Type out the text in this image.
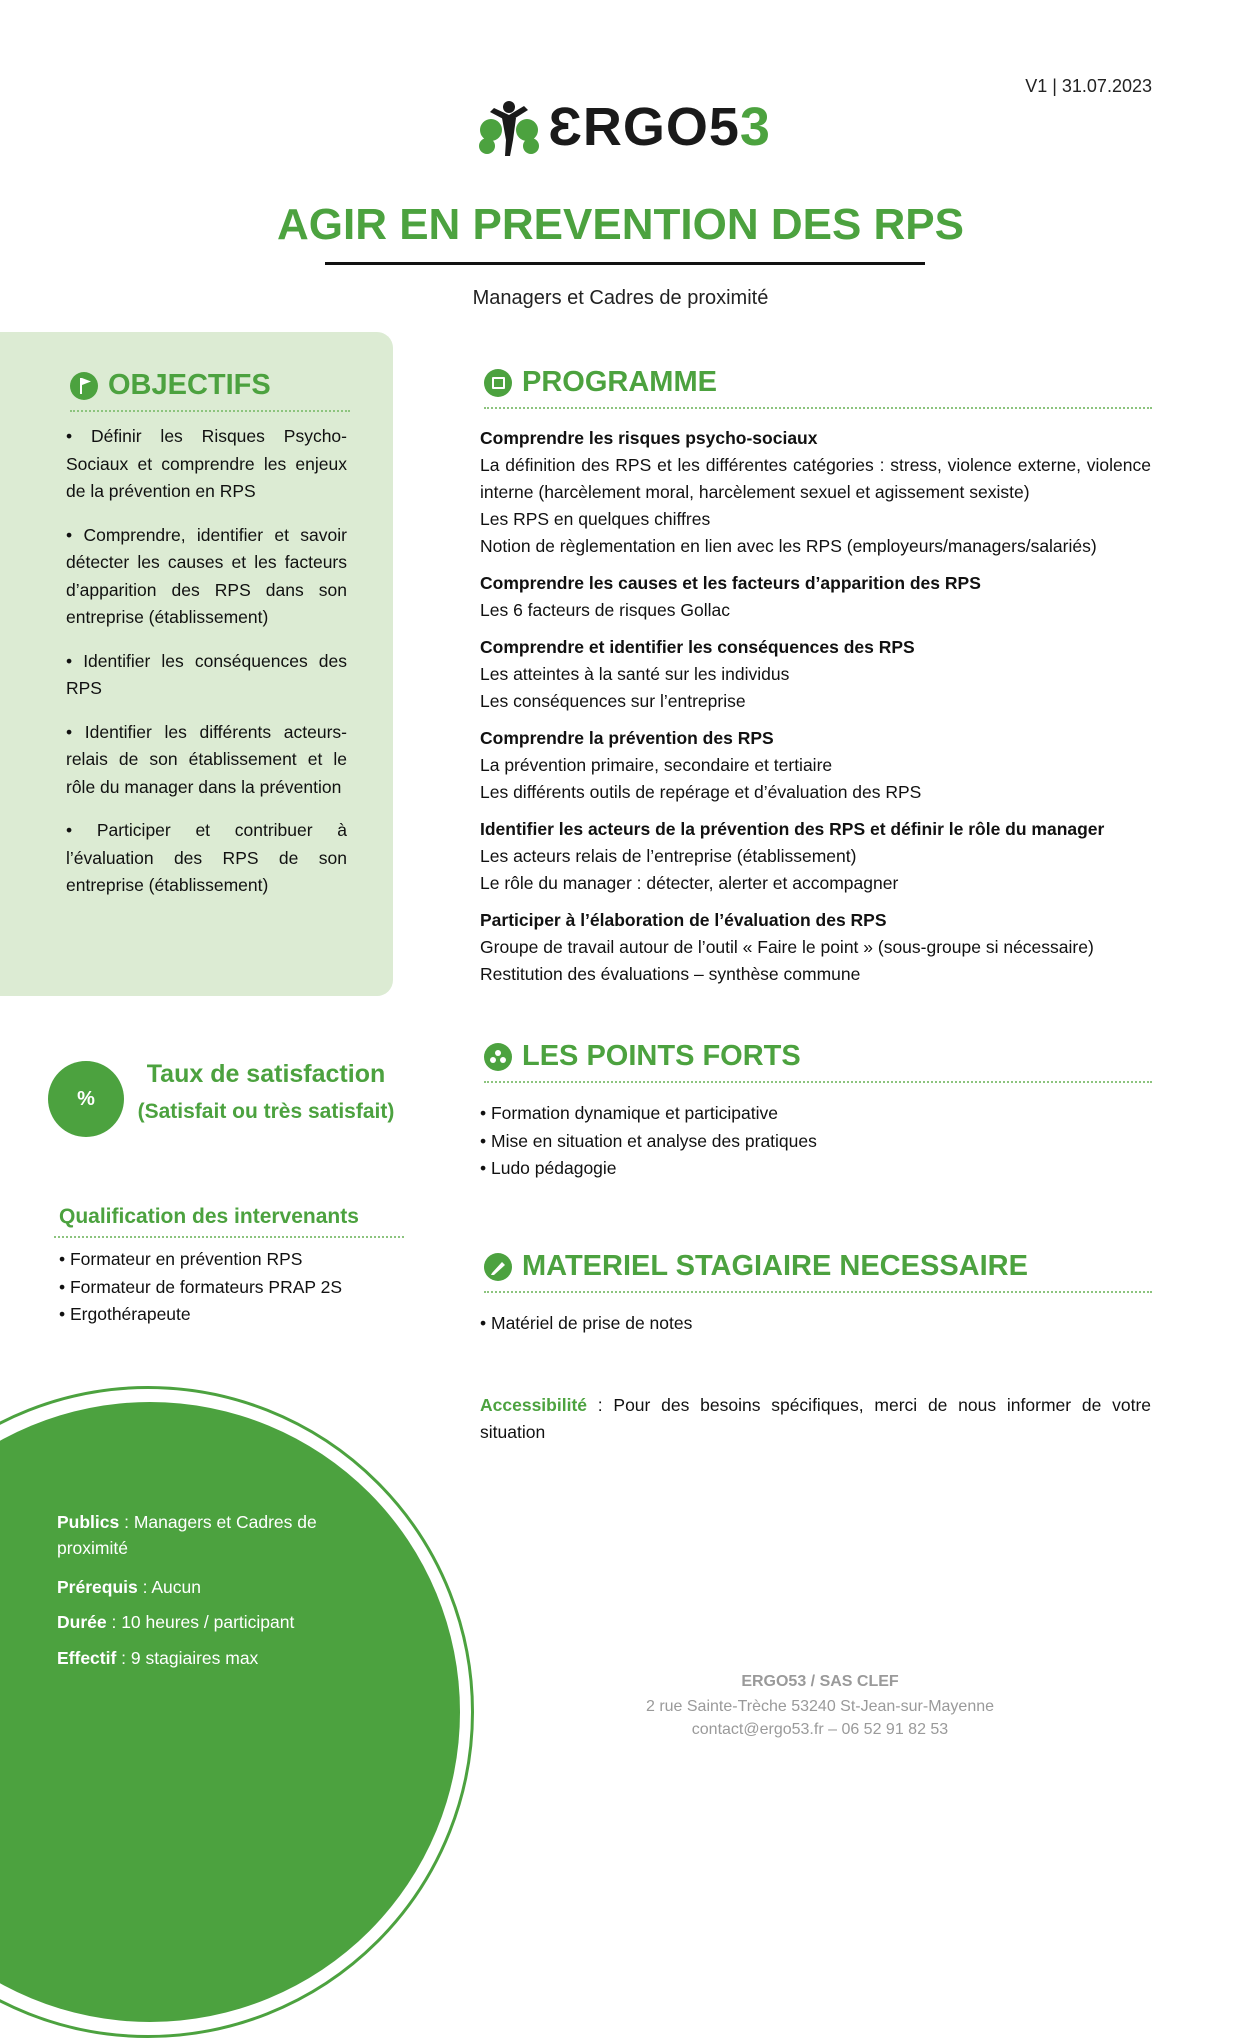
V1 | 31.07.2023
ƐRGO53
AGIR EN PREVENTION DES RPS
Managers et Cadres de proximité
OBJECTIFS

• Définir les Risques Psycho-Sociaux et comprendre les enjeux de la prévention en RPS

• Comprendre, identifier et savoir détecter les causes et les facteurs d’apparition des RPS dans son entreprise (établissement)

• Identifier les conséquences des RPS

• Identifier les différents acteurs-relais de son établissement et le rôle du manager dans la prévention

• Participer et contribuer à l’évaluation des RPS de son entreprise (établissement)

PROGRAMME
Comprendre les risques psycho-sociaux
La définition des RPS et les différentes catégories : stress, violence externe, violence interne (harcèlement moral, harcèlement sexuel et agissement sexiste)
Les RPS en quelques chiffres
Notion de règlementation en lien avec les RPS (employeurs/managers/salariés)
Comprendre les causes et les facteurs d’apparition des RPS
Les 6 facteurs de risques Gollac
Comprendre et identifier les conséquences des RPS
Les atteintes à la santé sur les individus
Les conséquences sur l’entreprise
Comprendre la prévention des RPS
La prévention primaire, secondaire et tertiaire
Les différents outils de repérage et d’évaluation des RPS
Identifier les acteurs de la prévention des RPS et définir le rôle du manager
Les acteurs relais de l’entreprise (établissement)
Le rôle du manager : détecter, alerter et accompagner
Participer à l’élaboration de l’évaluation des RPS
Groupe de travail autour de l’outil « Faire le point » (sous-groupe si nécessaire)
Restitution des évaluations – synthèse commune
%
Taux de satisfaction
(Satisfait ou très satisfait)
Qualification des intervenants
• Formateur en prévention RPS
• Formateur de formateurs PRAP 2S
• Ergothérapeute
LES POINTS FORTS
• Formation dynamique et participative
• Mise en situation et analyse des pratiques
• Ludo pédagogie
MATERIEL STAGIAIRE NECESSAIRE
• Matériel de prise de notes
Accessibilité : Pour des besoins spécifiques, merci de nous informer de votre situation
Publics : Managers et Cadres de proximité
Prérequis : Aucun
Durée : 10 heures / participant
Effectif : 9 stagiaires max
ERGO53 / SAS CLEF
2 rue Sainte-Trèche 53240 St-Jean-sur-Mayenne
contact@ergo53.fr – 06 52 91 82 53
